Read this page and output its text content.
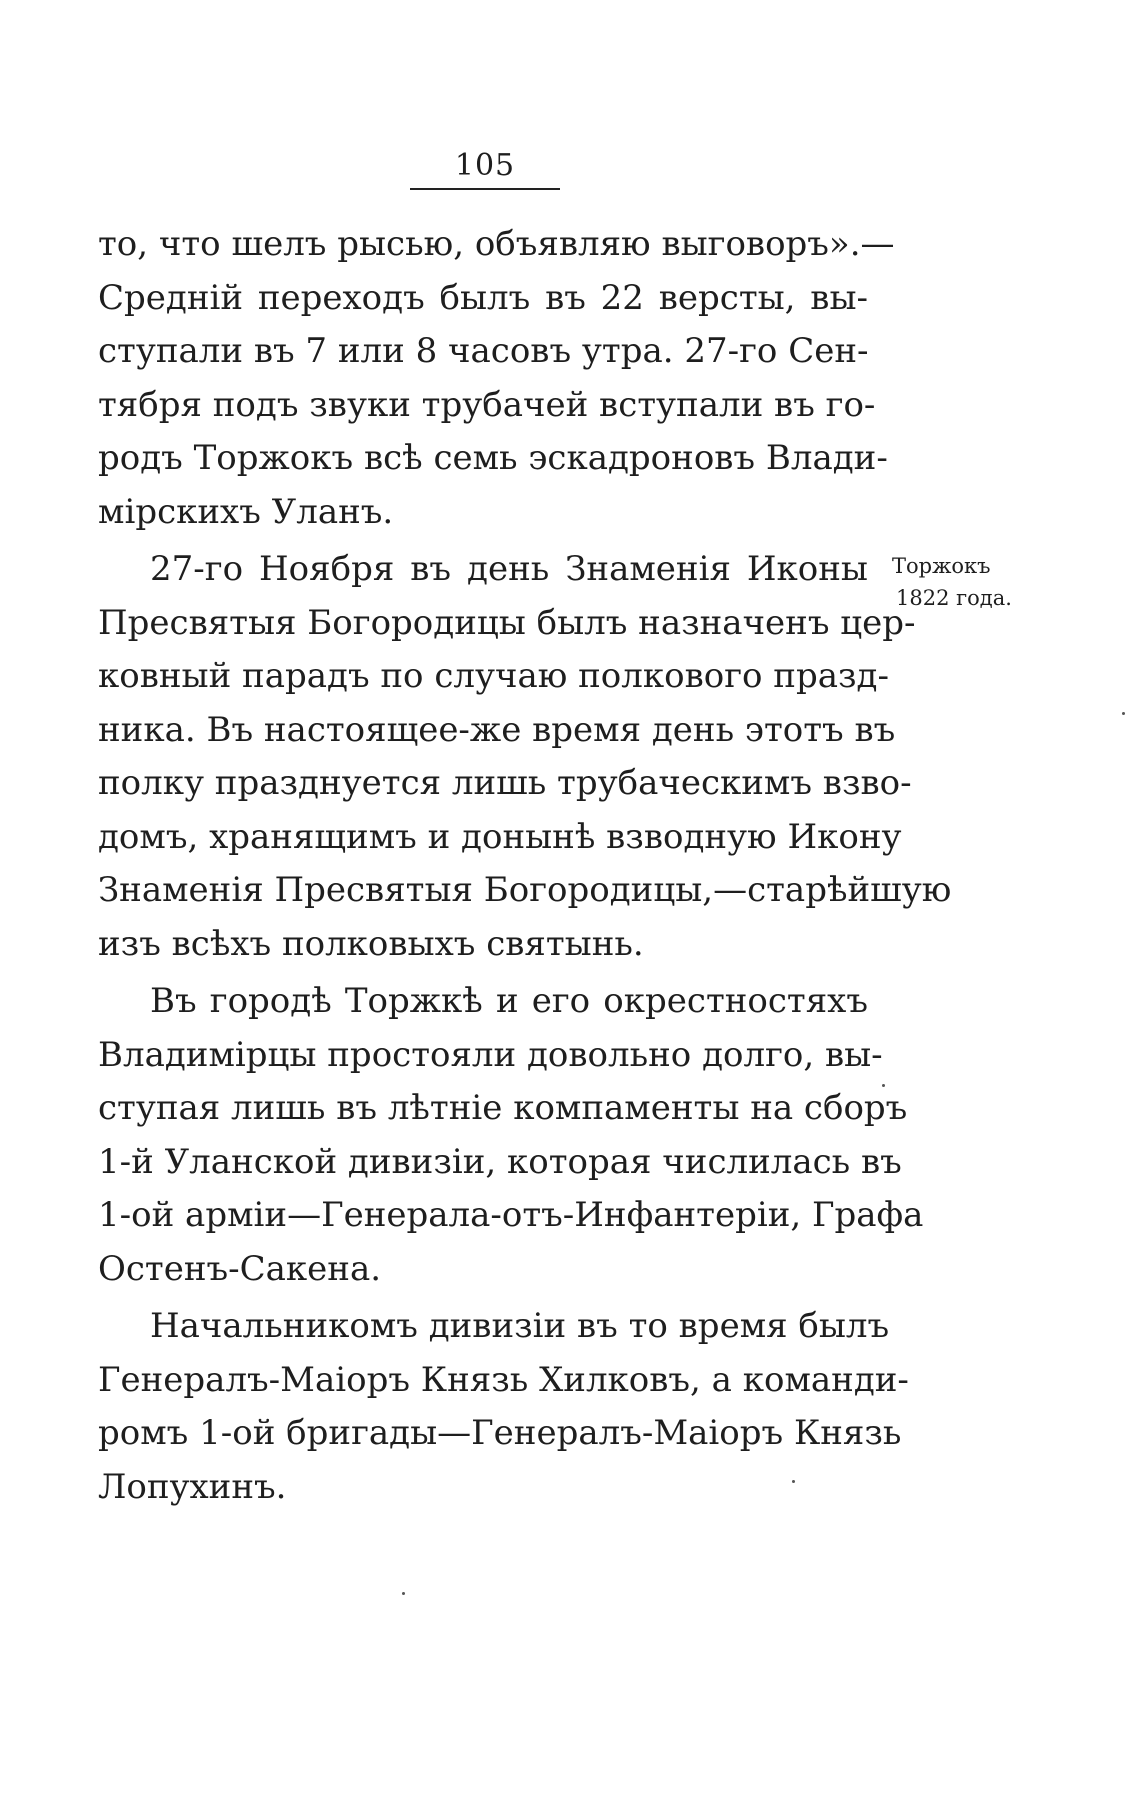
105

то, что шелъ рысью, объявляю выговоръ».—
Среднiй переходъ былъ въ 22 версты, вы-
ступали въ 7 или 8 часовъ утра. 27-го Сен-
тября подъ звуки трубачей вступали въ го-
родъ Торжокъ всѣ семь эскадроновъ Влади-
мiрскихъ Уланъ.

27-го Ноября въ день Знаменiя Иконы
Пресвятыя Богородицы былъ назначенъ цер-
ковный парадъ по случаю полкового празд-
ника. Въ настоящее-же время день этотъ въ
полку празднуется лишь трубаческимъ взво-
домъ, хранящимъ и донынѣ взводную Икону
Знаменiя Пресвятыя Богородицы,—старѣйшую
изъ всѣхъ полковыхъ святынь.

Въ городѣ Торжкѣ и его окрестностяхъ
Владимiрцы простояли довольно долго, вы-
ступая лишь въ лѣтнiе компаменты на сборъ
1-й Уланской дивизiи, которая числилась въ
1-ой армiи—Генерала-отъ-Инфантерiи, Графа
Остенъ-Сакена.

Начальникомъ дивизiи въ то время былъ
Генералъ-Маiоръ Князь Хилковъ, а команди-
ромъ 1-ой бригады—Генералъ-Маiоръ Князь
Лопухинъ.

Торжокъ
1822 года.
